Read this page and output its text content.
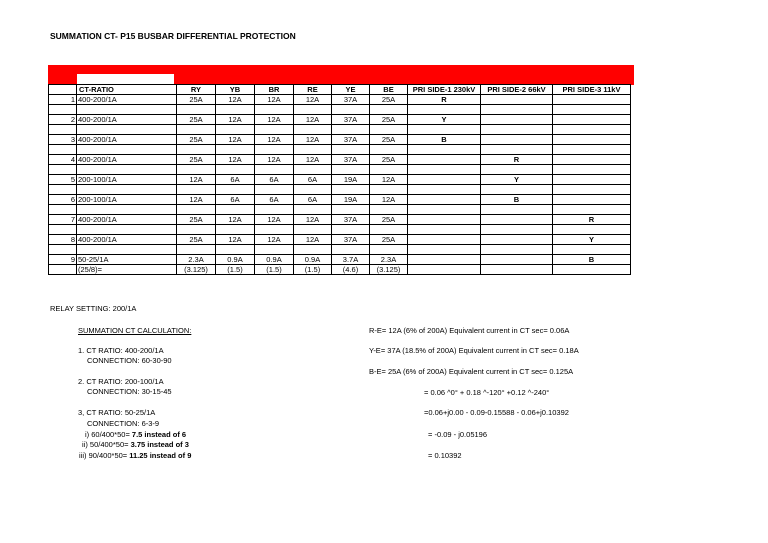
SUMMATION CT- P15 BUSBAR DIFFERENTIAL PROTECTION
	CT-RATIO	RY	YB	BR	RE	YE	BE	PRI SIDE-1 230kV	PRI SIDE-2 66kV	PRI SIDE-3 11kV
1	400-200/1A	25A	12A	12A	12A	37A	25A	R		

2	400-200/1A	25A	12A	12A	12A	37A	25A	Y		

3	400-200/1A	25A	12A	12A	12A	37A	25A	B		

4	400-200/1A	25A	12A	12A	12A	37A	25A		R	

5	200-100/1A	12A	6A	6A	6A	19A	12A		Y	

6	200-100/1A	12A	6A	6A	6A	19A	12A		B	

7	400-200/1A	25A	12A	12A	12A	37A	25A			R

8	400-200/1A	25A	12A	12A	12A	37A	25A			Y

9	50-25/1A	2.3A	0.9A	0.9A	0.9A	3.7A	2.3A			B
	(25/8)=	(3.125)	(1.5)	(1.5)	(1.5)	(4.6)	(3.125)			
RELAY SETTING: 200/1A
SUMMATION CT CALCULATION:
1. CT RATIO: 400-200/1A
CONNECTION: 60-30-90
2. CT RATIO: 200-100/1A
CONNECTION: 30-15-45
3, CT RATIO: 50-25/1A
CONNECTION: 6-3-9
i) 60/400*50= 7.5 instead of 6
ii) 50/400*50= 3.75 instead of 3
iii) 90/400*50= 11.25 instead of 9
R-E= 12A (6% of 200A) Equivalent current in CT sec= 0.06A
Y-E= 37A (18.5% of 200A) Equivalent current in CT sec= 0.18A
B-E= 25A (6% of 200A) Equivalent current in CT sec= 0.125A
= 0.06 ^0° + 0.18 ^-120° +0.12 ^-240°
=0.06+j0.00 - 0.09-0.15588 - 0.06+j0.10392
= -0.09 - j0.05196
= 0.10392
